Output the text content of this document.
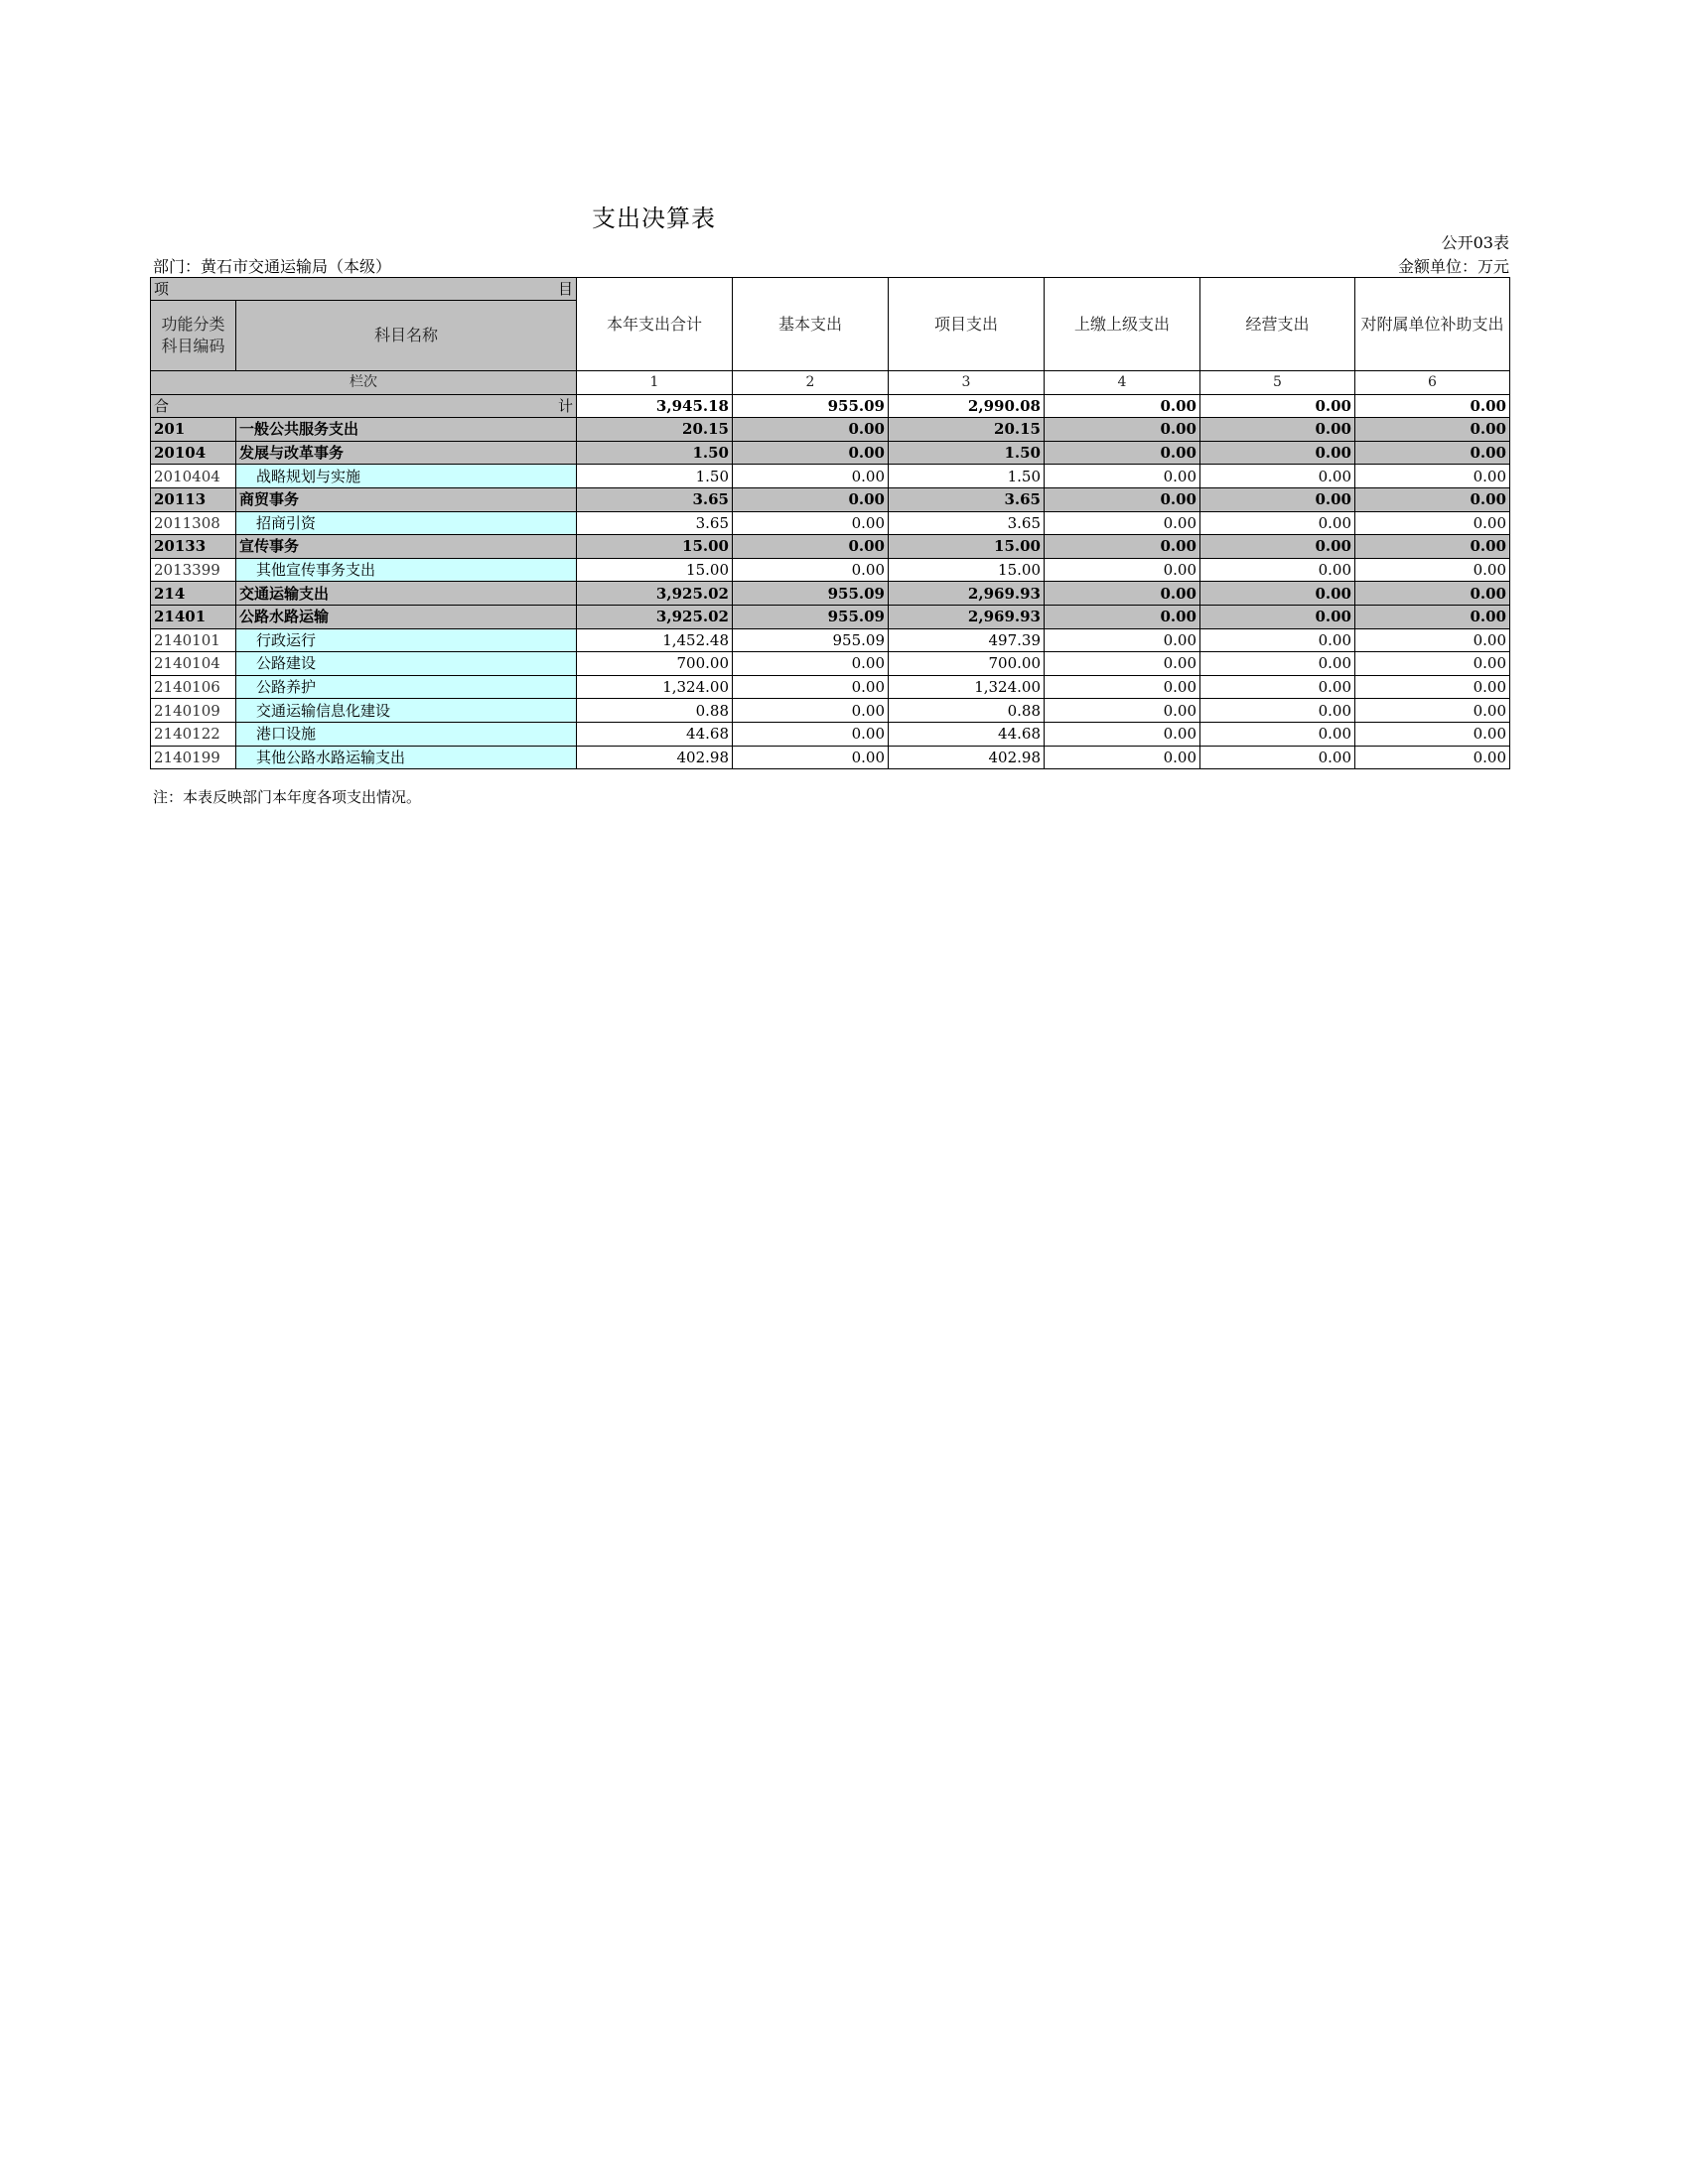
支出决算表
公开03表
部门：黄石市交通运输局（本级）	金额单位：万元
项 目		本年支出合计	基本支出	项目支出	上缴上级支出	经营支出	对附属单位补助支出
功能分类科目编码	科目名称						
栏次		1	2	3	4	5	6

合 计		3,945.18	955.09	2,990.08	0.00	0.00	0.00
201	一般公共服务支出	20.15	0.00	20.15	0.00	0.00	0.00
20104	发展与改革事务	1.50	0.00	1.50	0.00	0.00	0.00
2010404	战略规划与实施	1.50	0.00	1.50	0.00	0.00	0.00
20113	商贸事务	3.65	0.00	3.65	0.00	0.00	0.00
2011308	招商引资	3.65	0.00	3.65	0.00	0.00	0.00
20133	宣传事务	15.00	0.00	15.00	0.00	0.00	0.00
2013399	其他宣传事务支出	15.00	0.00	15.00	0.00	0.00	0.00
214	交通运输支出	3,925.02	955.09	2,969.93	0.00	0.00	0.00
21401	公路水路运输	3,925.02	955.09	2,969.93	0.00	0.00	0.00
2140101	行政运行	1,452.48	955.09	497.39	0.00	0.00	0.00
2140104	公路建设	700.00	0.00	700.00	0.00	0.00	0.00
2140106	公路养护	1,324.00	0.00	1,324.00	0.00	0.00	0.00
2140109	交通运输信息化建设	0.88	0.00	0.88	0.00	0.00	0.00
2140122	港口设施	44.68	0.00	44.68	0.00	0.00	0.00
2140199	其他公路水路运输支出	402.98	0.00	402.98	0.00	0.00	0.00
注：本表反映部门本年度各项支出情况。
